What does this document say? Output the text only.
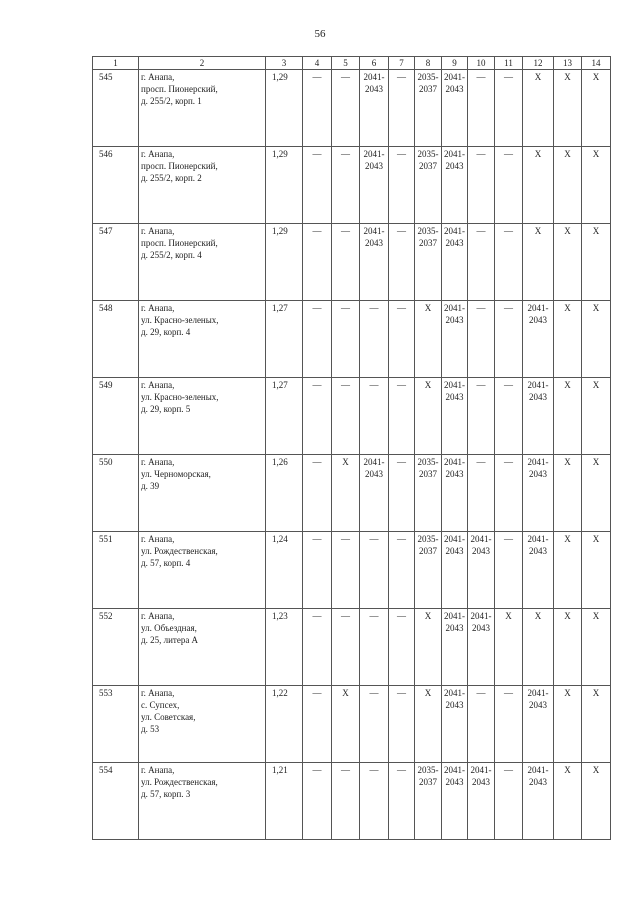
56
1	2	3	4	5	6	7	8	9	10	11	12	13	14
545	г. Анапа,
просп. Пионерский,
д. 255/2, корп. 1	1,29	—	—	2041-
2043	—	2035-
2037	2041-
2043	—	—	X	X	X
546	г. Анапа,
просп. Пионерский,
д. 255/2, корп. 2	1,29	—	—	2041-
2043	—	2035-
2037	2041-
2043	—	—	X	X	X
547	г. Анапа,
просп. Пионерский,
д. 255/2, корп. 4	1,29	—	—	2041-
2043	—	2035-
2037	2041-
2043	—	—	X	X	X
548	г. Анапа,
ул. Красно-зеленых,
д. 29, корп. 4	1,27	—	—	—	—	X	2041-
2043	—	—	2041-
2043	X	X
549	г. Анапа,
ул. Красно-зеленых,
д. 29, корп. 5	1,27	—	—	—	—	X	2041-
2043	—	—	2041-
2043	X	X
550	г. Анапа,
ул. Черноморская,
д. 39	1,26	—	X	2041-
2043	—	2035-
2037	2041-
2043	—	—	2041-
2043	X	X
551	г. Анапа,
ул. Рождественская,
д. 57, корп. 4	1,24	—	—	—	—	2035-
2037	2041-
2043	2041-
2043	—	2041-
2043	X	X
552	г. Анапа,
ул. Объездная,
д. 25, литера А	1,23	—	—	—	—	X	2041-
2043	2041-
2043	X	X	X	X
553	г. Анапа,
с. Супсех,
ул. Советская,
д. 53	1,22	—	X	—	—	X	2041-
2043	—	—	2041-
2043	X	X
554	г. Анапа,
ул. Рождественская,
д. 57, корп. 3	1,21	—	—	—	—	2035-
2037	2041-
2043	2041-
2043	—	2041-
2043	X	X
